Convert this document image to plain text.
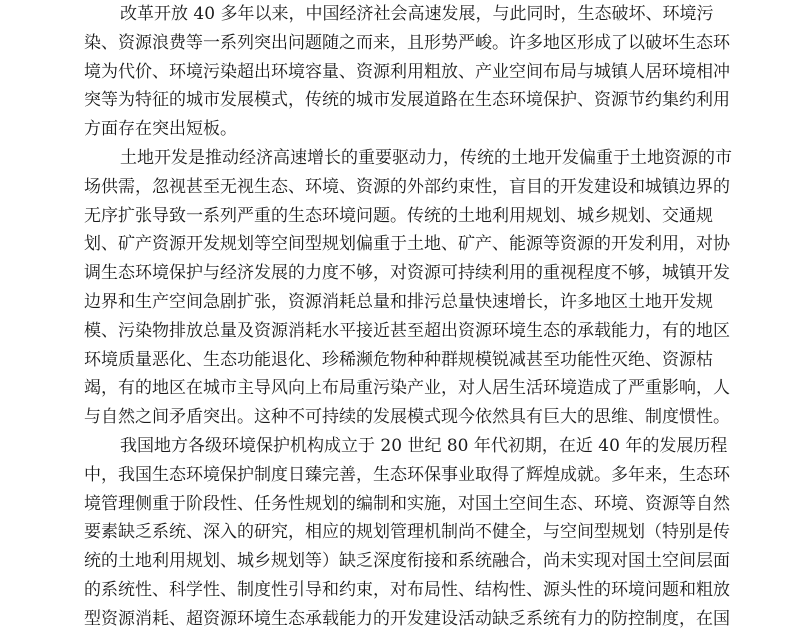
改革开放 40 多年以来，中国经济社会高速发展，与此同时，生态破坏、环境污
染、资源浪费等一系列突出问题随之而来，且形势严峻。许多地区形成了以破坏生态环
境为代价、环境污染超出环境容量、资源利用粗放、产业空间布局与城镇人居环境相冲
突等为特征的城市发展模式，传统的城市发展道路在生态环境保护、资源节约集约利用
方面存在突出短板。
土地开发是推动经济高速增长的重要驱动力，传统的土地开发偏重于土地资源的市
场供需，忽视甚至无视生态、环境、资源的外部约束性，盲目的开发建设和城镇边界的
无序扩张导致一系列严重的生态环境问题。传统的土地利用规划、城乡规划、交通规
划、矿产资源开发规划等空间型规划偏重于土地、矿产、能源等资源的开发利用，对协
调生态环境保护与经济发展的力度不够，对资源可持续利用的重视程度不够，城镇开发
边界和生产空间急剧扩张，资源消耗总量和排污总量快速增长，许多地区土地开发规
模、污染物排放总量及资源消耗水平接近甚至超出资源环境生态的承载能力，有的地区
环境质量恶化、生态功能退化、珍稀濒危物种种群规模锐减甚至功能性灭绝、资源枯
竭，有的地区在城市主导风向上布局重污染产业，对人居生活环境造成了严重影响，人
与自然之间矛盾突出。这种不可持续的发展模式现今依然具有巨大的思维、制度惯性。
我国地方各级环境保护机构成立于 20 世纪 80 年代初期，在近 40 年的发展历程
中，我国生态环境保护制度日臻完善，生态环保事业取得了辉煌成就。多年来，生态环
境管理侧重于阶段性、任务性规划的编制和实施，对国土空间生态、环境、资源等自然
要素缺乏系统、深入的研究，相应的规划管理机制尚不健全，与空间型规划（特别是传
统的土地利用规划、城乡规划等）缺乏深度衔接和系统融合，尚未实现对国土空间层面
的系统性、科学性、制度性引导和约束，对布局性、结构性、源头性的环境问题和粗放
型资源消耗、超资源环境生态承载能力的开发建设活动缺乏系统有力的防控制度，在国
